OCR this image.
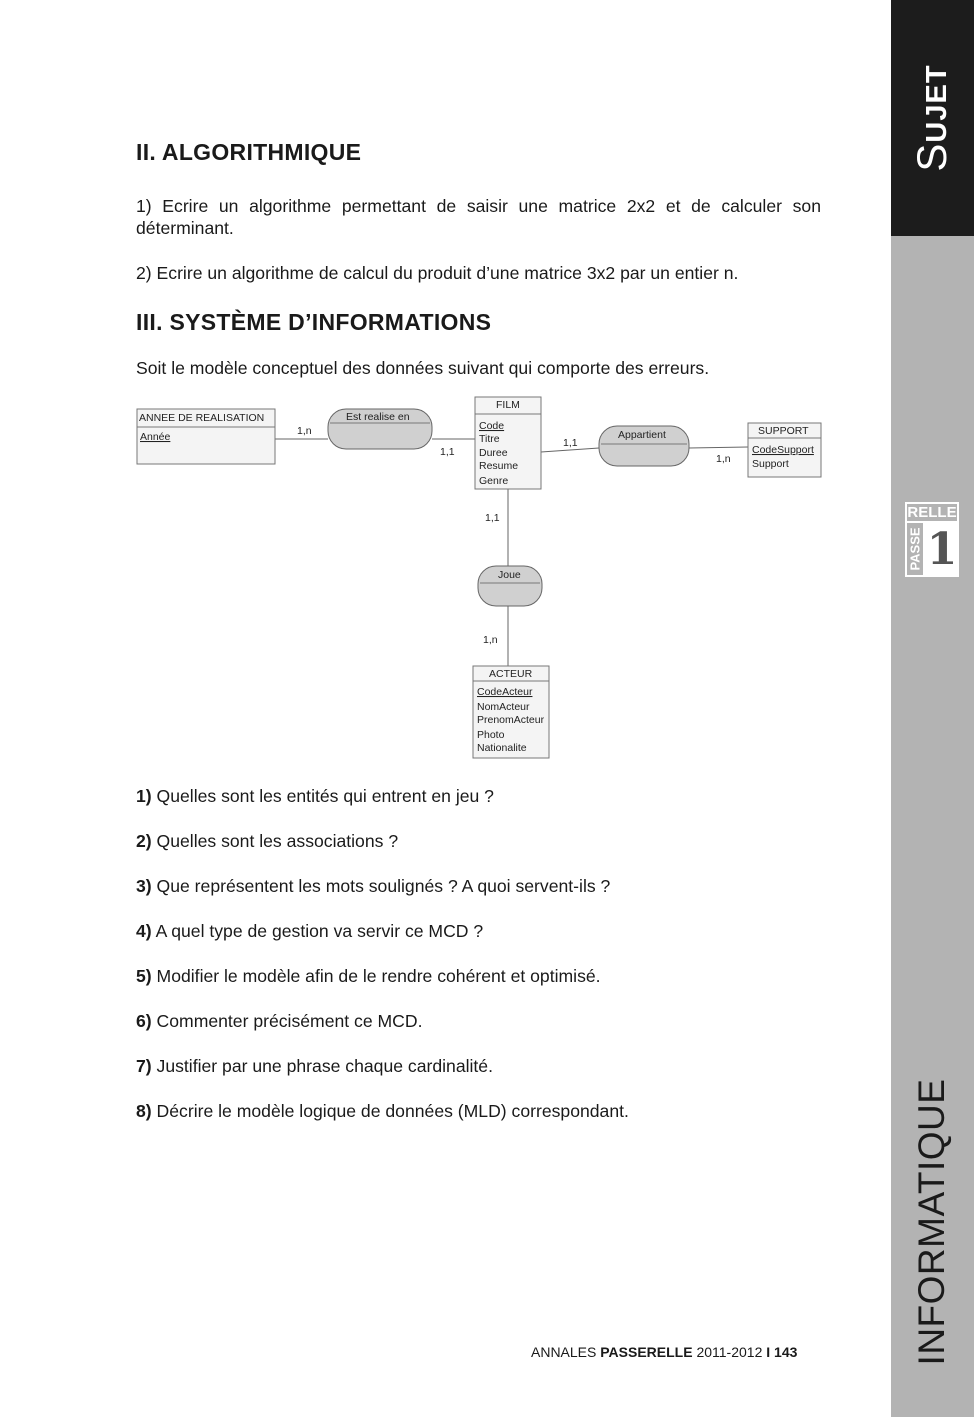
SUJET
INFORMATIQUE
RELLE
PASSE 1
II. ALGORITHMIQUE

1) Ecrire un algorithme permettant de saisir une matrice 2x2 et de calculer son déterminant.

2) Ecrire un algorithme de calcul du produit d’une matrice 3x2 par un entier n.

III. SYSTÈME D’INFORMATIONS

Soit le modèle conceptuel des données suivant qui comporte des erreurs.

ANNEE DE REALISATION
Année
Est realise en
FILM
Code
Titre
Duree
Resume
Genre
Appartient	SUPPORT
CodeSupport
Support
Joue
ACTEUR
CodeActeur
NomActeur
PrenomActeur
Photo
Nationalite
1,n
1,1
1,1
1,n
1,1
1,n

1) Quelles sont les entités qui entrent en jeu ?

2) Quelles sont les associations ?

3) Que représentent les mots soulignés ? A quoi servent-ils ?

4) A quel type de gestion va servir ce MCD ?

5) Modifier le modèle afin de le rendre cohérent et optimisé.

6) Commenter précisément ce MCD.

7) Justifier par une phrase chaque cardinalité.

8) Décrire le modèle logique de données (MLD) correspondant.

ANNALES PASSERELLE 2011-2012 I 143
